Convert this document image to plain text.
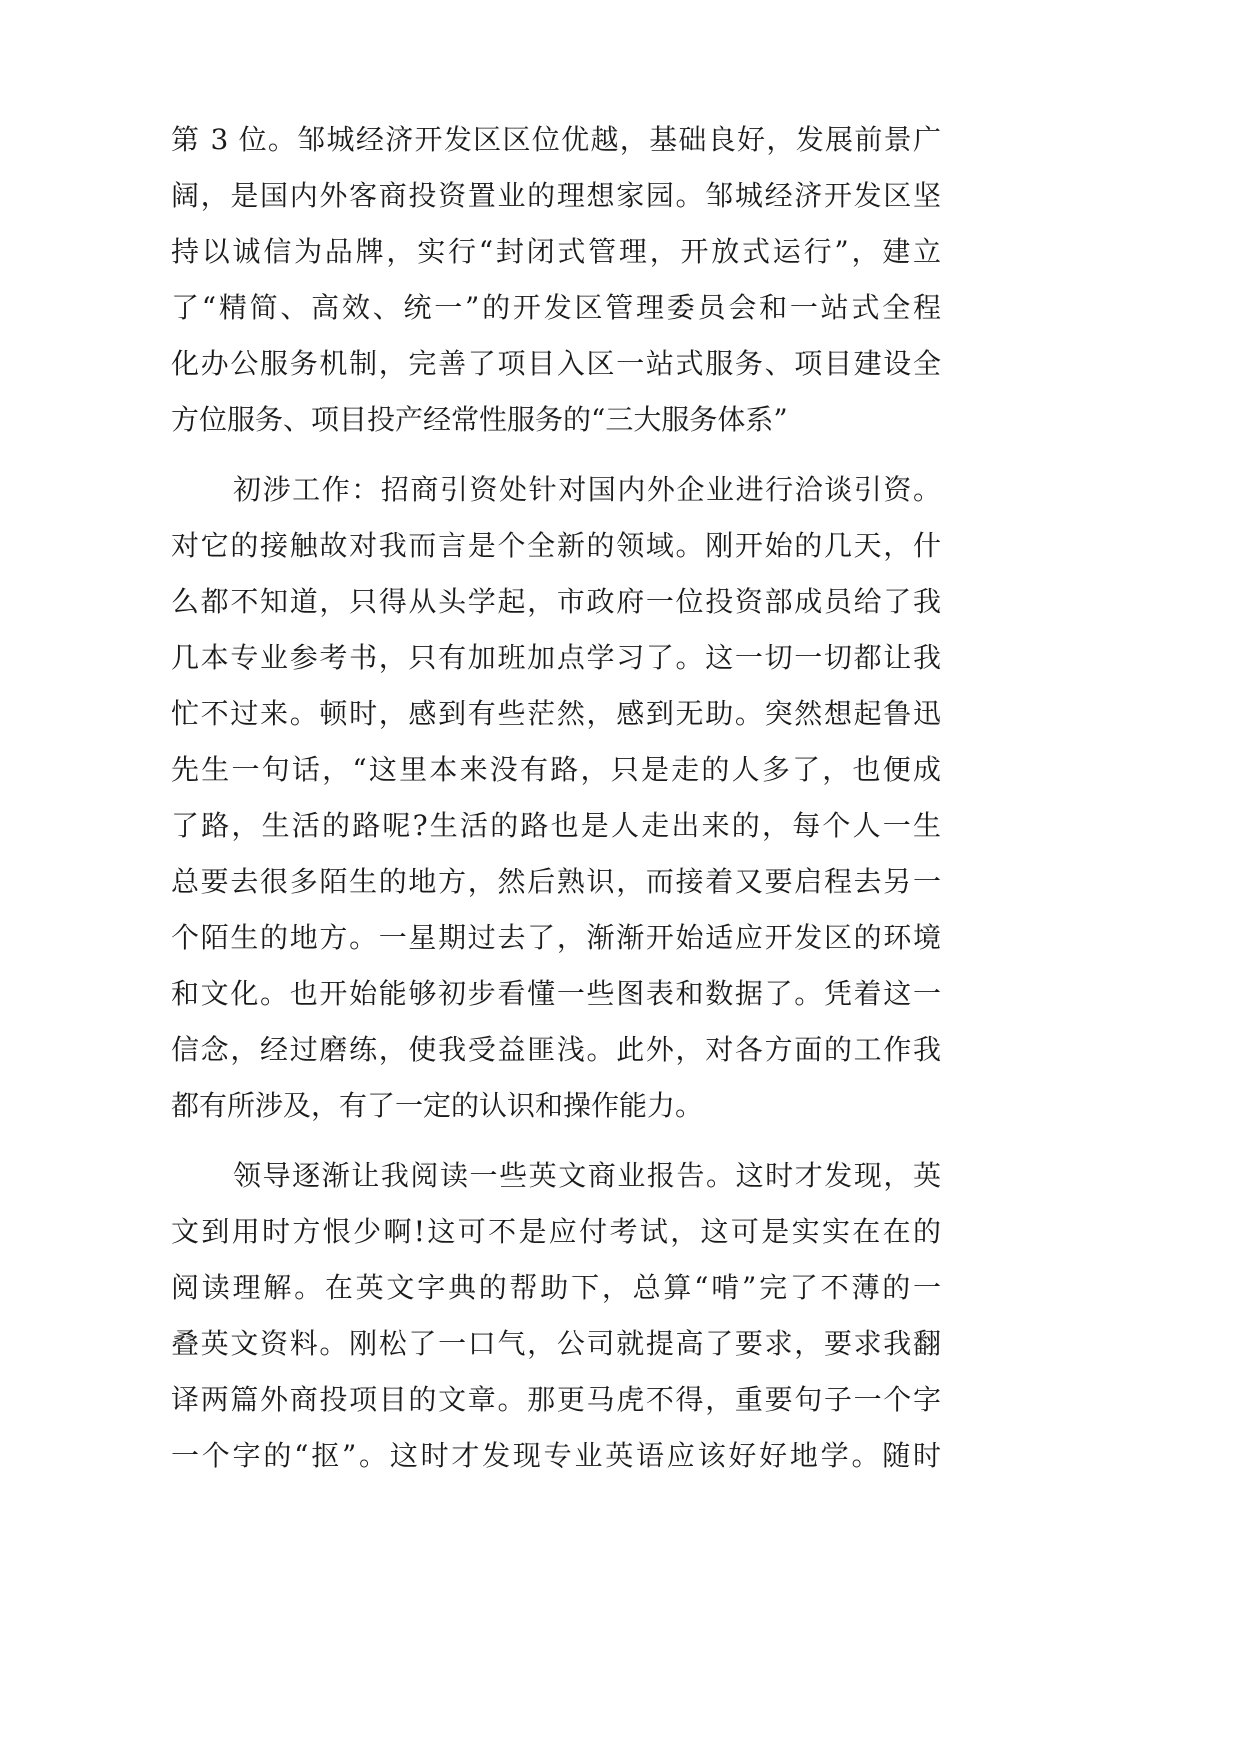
第 3 位。邹城经济开发区区位优越，基础良好，发展前景广
阔，是国内外客商投资置业的理想家园。邹城经济开发区坚
持以诚信为品牌，实行“封闭式管理，开放式运行”，建立
了“精简、高效、统一”的开发区管理委员会和一站式全程
化办公服务机制，完善了项目入区一站式服务、项目建设全
方位服务、项目投产经常性服务的“三大服务体系”
初涉工作：招商引资处针对国内外企业进行洽谈引资。
对它的接触故对我而言是个全新的领域。刚开始的几天，什
么都不知道，只得从头学起，市政府一位投资部成员给了我
几本专业参考书，只有加班加点学习了。这一切一切都让我
忙不过来。顿时，感到有些茫然，感到无助。突然想起鲁迅
先生一句话，“这里本来没有路，只是走的人多了，也便成
了路，生活的路呢?生活的路也是人走出来的，每个人一生
总要去很多陌生的地方，然后熟识，而接着又要启程去另一
个陌生的地方。一星期过去了，渐渐开始适应开发区的环境
和文化。也开始能够初步看懂一些图表和数据了。凭着这一
信念，经过磨练，使我受益匪浅。此外，对各方面的工作我
都有所涉及，有了一定的认识和操作能力。
领导逐渐让我阅读一些英文商业报告。这时才发现，英
文到用时方恨少啊!这可不是应付考试，这可是实实在在的
阅读理解。在英文字典的帮助下，总算“啃”完了不薄的一
叠英文资料。刚松了一口气，公司就提高了要求，要求我翻
译两篇外商投项目的文章。那更马虎不得，重要句子一个字
一个字的“抠”。这时才发现专业英语应该好好地学。随时
